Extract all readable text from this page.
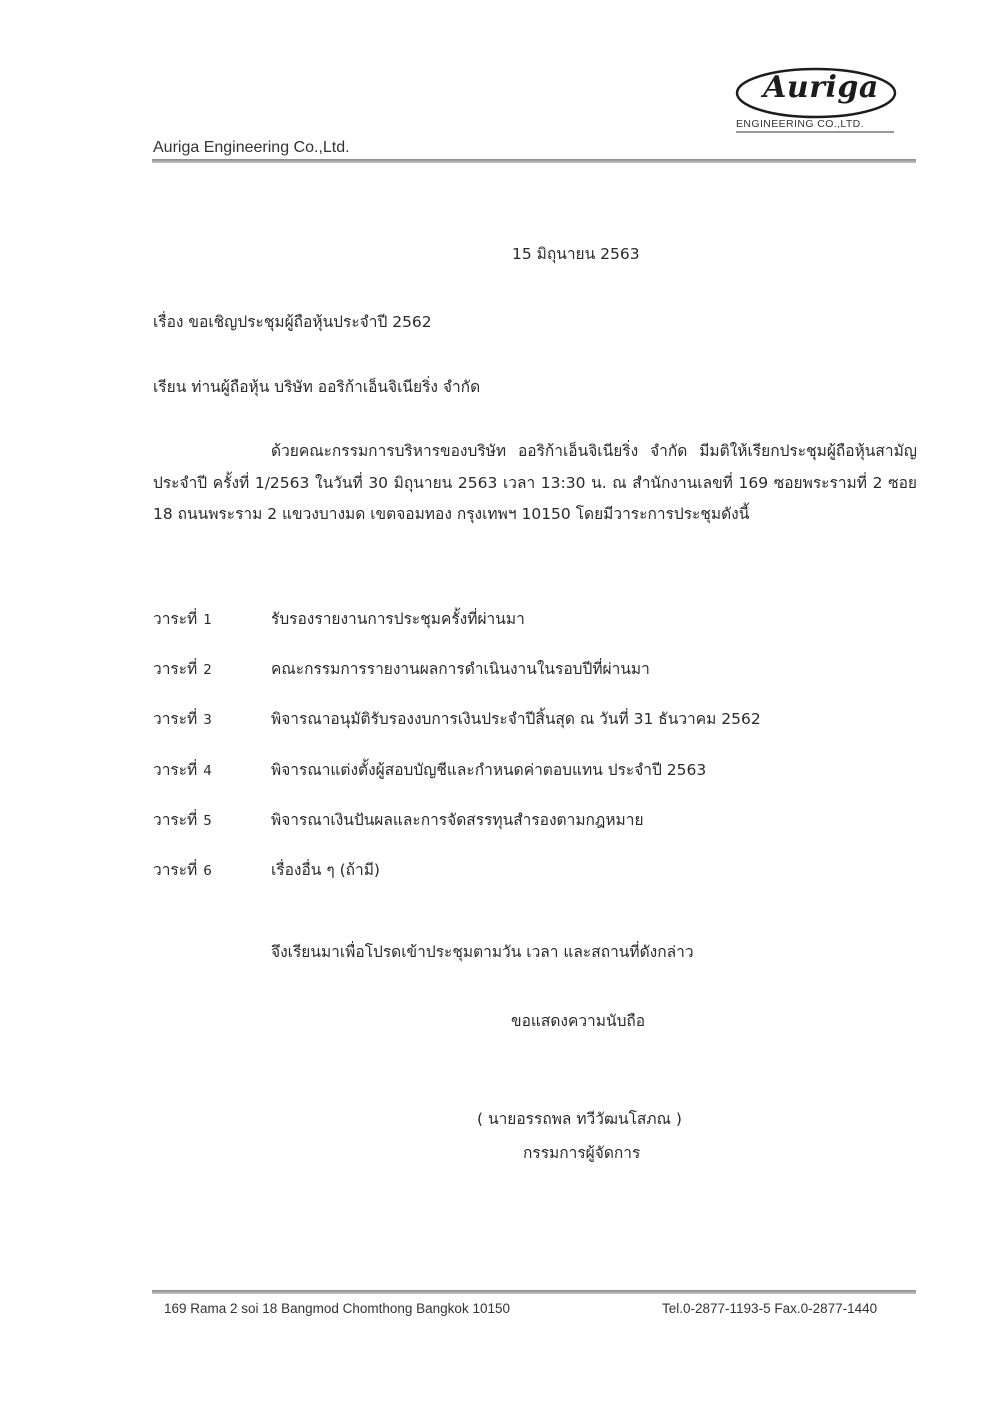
Auriga
ENGINEERING CO.,LTD.
Auriga Engineering Co.,Ltd.
15 มิถุนายน 2563
เรื่อง ขอเชิญประชุมผู้ถือหุ้นประจำปี 2562
เรียน ท่านผู้ถือหุ้น บริษัท ออริก้าเอ็นจิเนียริ่ง จำกัด
ด้วยคณะกรรมการบริหารของบริษัท ออริก้าเอ็นจิเนียริ่ง จำกัด มีมติให้เรียกประชุมผู้ถือหุ้นสามัญประจำปี ครั้งที่ 1/2563 ในวันที่ 30 มิถุนายน 2563 เวลา 13:30 น. ณ สำนักงานเลขที่ 169 ซอยพระรามที่ 2 ซอย 18 ถนนพระราม 2 แขวงบางมด เขตจอมทอง กรุงเทพฯ 10150 โดยมีวาระการประชุมดังนี้
วาระที่ 1	รับรองรายงานการประชุมครั้งที่ผ่านมา
วาระที่ 2	คณะกรรมการรายงานผลการดำเนินงานในรอบปีที่ผ่านมา
วาระที่ 3	พิจารณาอนุมัติรับรองงบการเงินประจำปีสิ้นสุด ณ วันที่ 31 ธันวาคม 2562
วาระที่ 4	พิจารณาแต่งตั้งผู้สอบบัญชีและกำหนดค่าตอบแทน ประจำปี 2563
วาระที่ 5	พิจารณาเงินปันผลและการจัดสรรทุนสำรองตามกฎหมาย
วาระที่ 6	เรื่องอื่น ๆ (ถ้ามี)
จึงเรียนมาเพื่อโปรดเข้าประชุมตามวัน เวลา และสถานที่ดังกล่าว
ขอแสดงความนับถือ
( นายอรรถพล ทวีวัฒนโสภณ )
กรรมการผู้จัดการ
169 Rama 2 soi 18 Bangmod Chomthong Bangkok 10150	Tel.0-2877-1193-5 Fax.0-2877-1440
